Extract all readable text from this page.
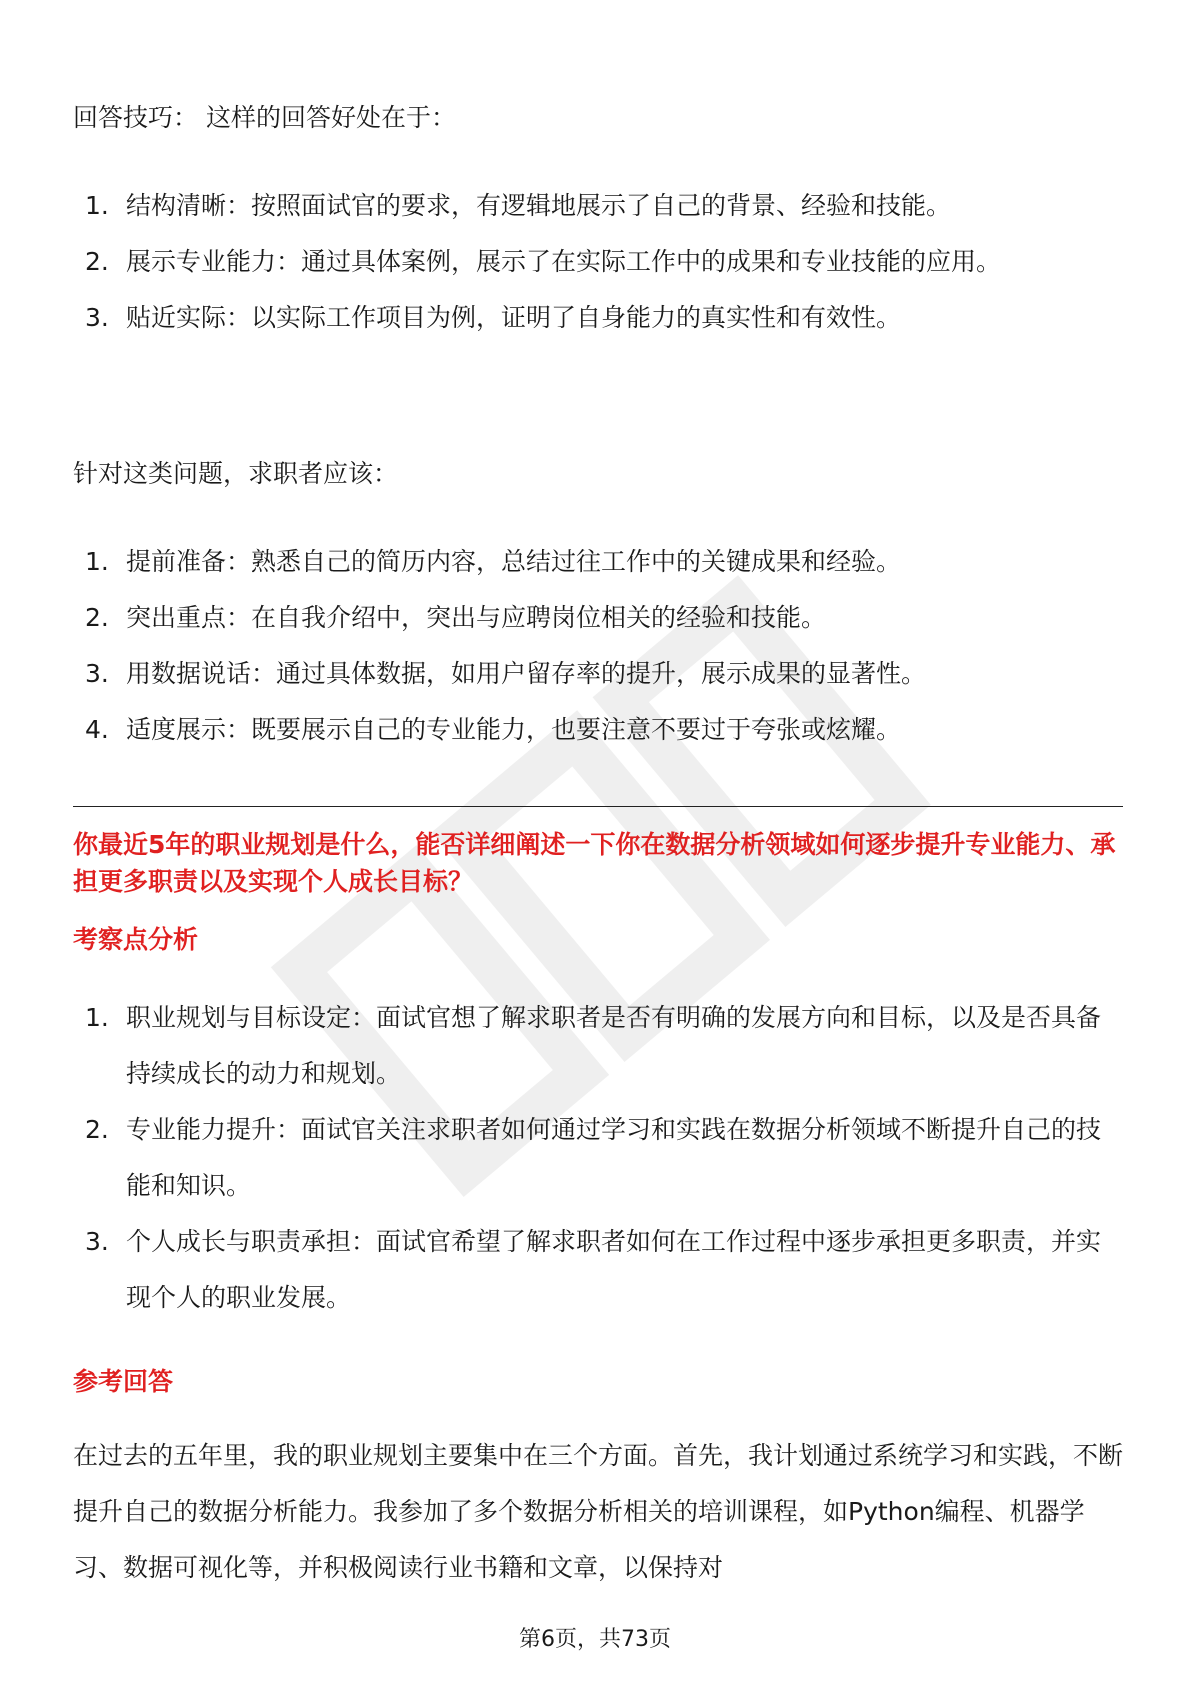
回答技巧： 这样的回答好处在于：

1. 结构清晰：按照面试官的要求，有逻辑地展示了自己的背景、经验和技能。
2. 展示专业能力：通过具体案例，展示了在实际工作中的成果和专业技能的应用。
3. 贴近实际：以实际工作项目为例，证明了自身能力的真实性和有效性。

针对这类问题，求职者应该：

1. 提前准备：熟悉自己的简历内容，总结过往工作中的关键成果和经验。
2. 突出重点：在自我介绍中，突出与应聘岗位相关的经验和技能。
3. 用数据说话：通过具体数据，如用户留存率的提升，展示成果的显著性。
4. 适度展示：既要展示自己的专业能力，也要注意不要过于夸张或炫耀。

你最近5年的职业规划是什么，能否详细阐述一下你在数据分析领域如何逐步提升专业能力、承担更多职责以及实现个人成长目标？

考察点分析

1. 职业规划与目标设定：面试官想了解求职者是否有明确的发展方向和目标，以及是否具备持续成长的动力和规划。
2. 专业能力提升：面试官关注求职者如何通过学习和实践在数据分析领域不断提升自己的技能和知识。
3. 个人成长与职责承担：面试官希望了解求职者如何在工作过程中逐步承担更多职责，并实现个人的职业发展。

参考回答

在过去的五年里，我的职业规划主要集中在三个方面。首先，我计划通过系统学习和实践，不断提升自己的数据分析能力。我参加了多个数据分析相关的培训课程，如Python编程、机器学习、数据可视化等，并积极阅读行业书籍和文章，以保持对

第6页，共73页
